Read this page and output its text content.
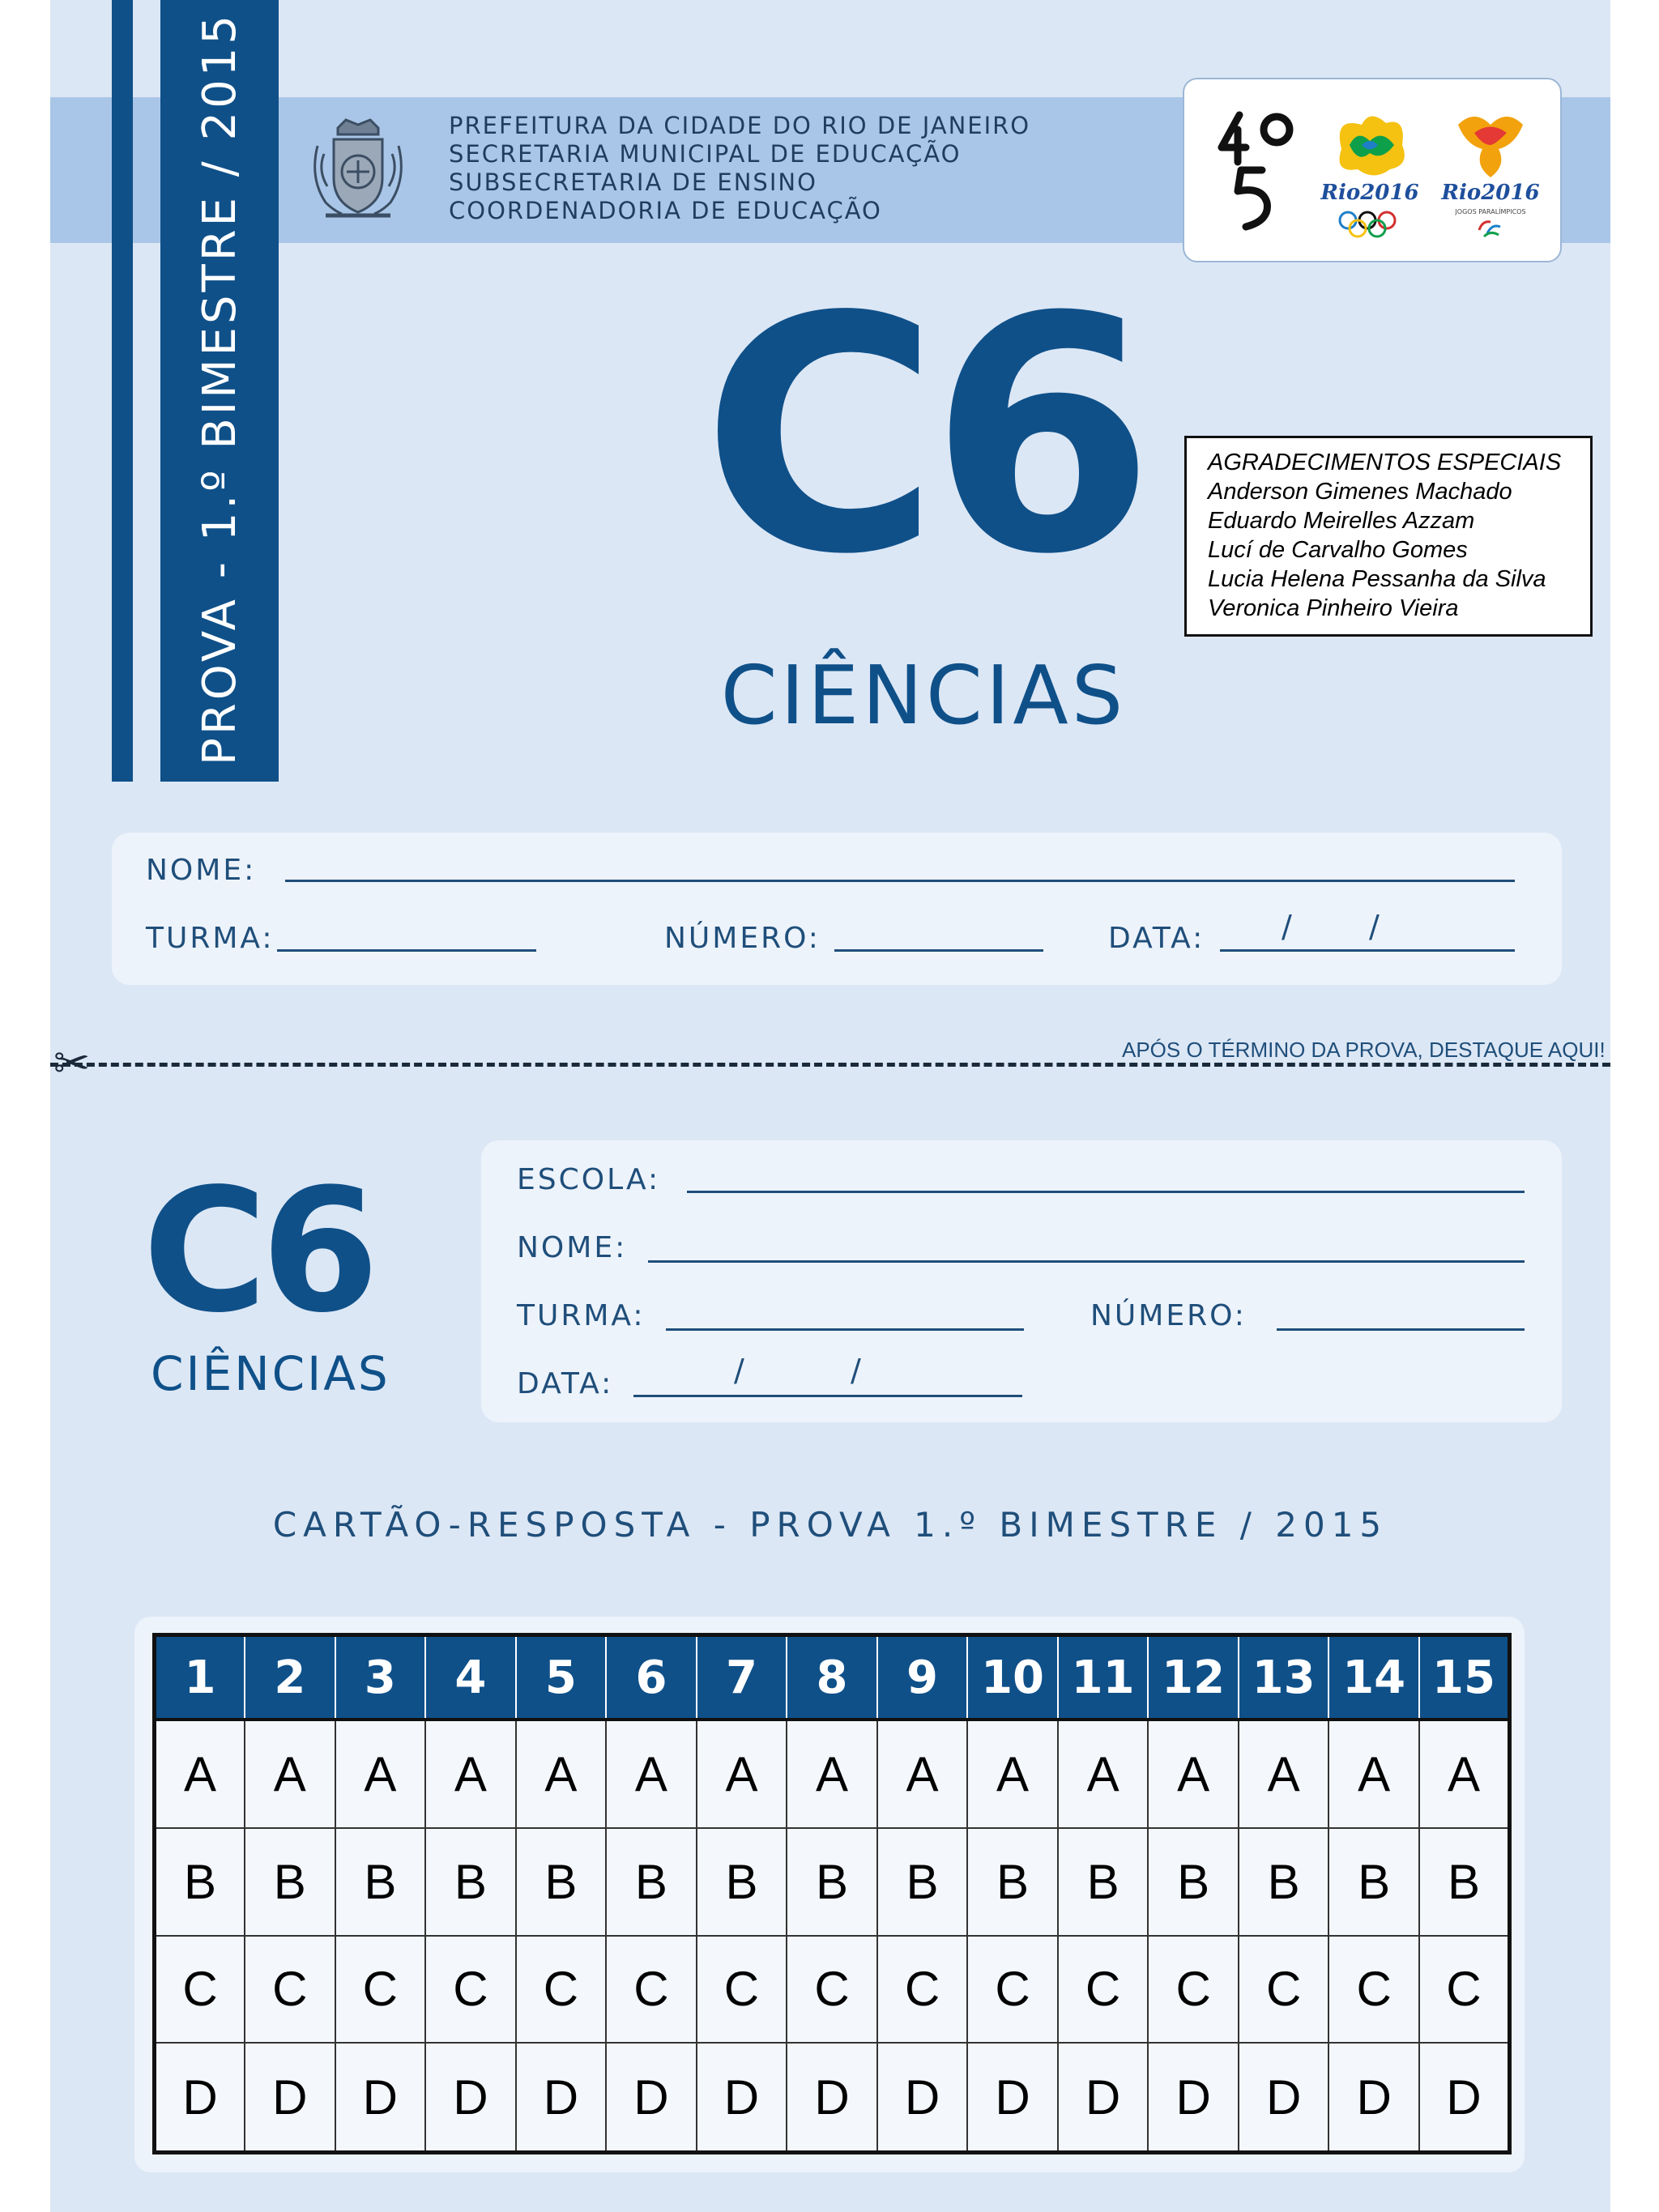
PROVA - 1.º BIMESTRE / 2015	PREFEITURA DA CIDADE DO RIO DE JANEIRO
SECRETARIA MUNICIPAL DE EDUCAÇÃO
SUBSECRETARIA DE ENSINO
COORDENADORIA DE EDUCAÇÃO
Rio2016 Rio2016
JOGOS PARALÍMPICOS
C6
CIÊNCIAS
AGRADECIMENTOS ESPECIAIS
Anderson Gimenes Machado
Eduardo Meirelles Azzam
Lucí de Carvalho Gomes
Lucia Helena Pessanha da Silva
Veronica Pinheiro Vieira
NOME:
TURMA:	NÚMERO:	DATA: /	/
✂	APÓS O TÉRMINO DA PROVA, DESTAQUE AQUI!
C6
CIÊNCIAS
ESCOLA:
NOME:
TURMA:	NÚMERO:
DATA:	/	/
CARTÃO-RESPOSTA - PROVA 1.º BIMESTRE / 2015
1	2	3	4	5	6	7	8	9	10	11	12	13	14	15
A	A	A	A	A	A	A	A	A	A	A	A	A	A	A
B	B	B	B	B	B	B	B	B	B	B	B	B	B	B
C	C	C	C	C	C	C	C	C	C	C	C	C	C	C
D	D	D	D	D	D	D	D	D	D	D	D	D	D	D
